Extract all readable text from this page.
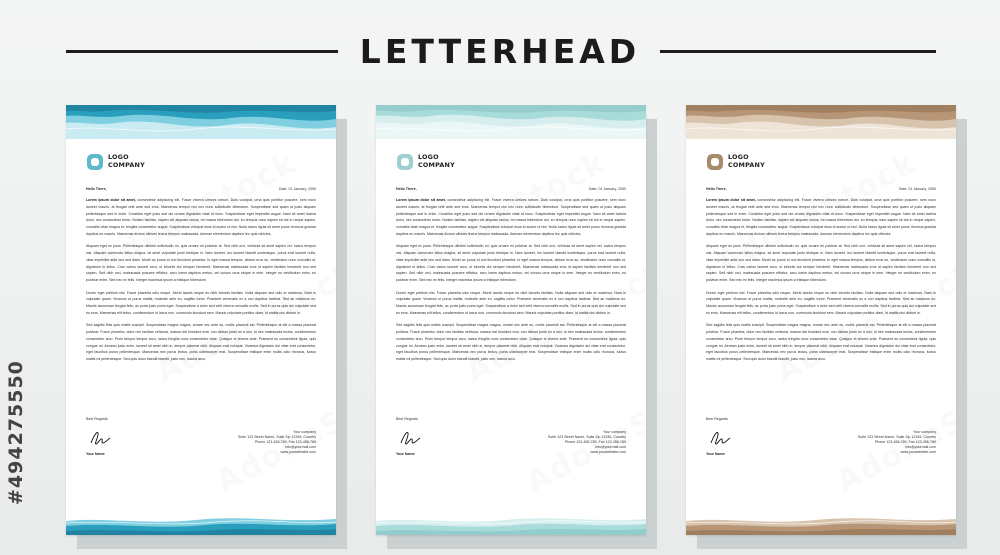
LETTERHEAD
#494275550
LOGO
COMPANY
Hello There,	Date, 01 January, 2050

Lorem ipsum dolor sit amet, consectetur adipiscing elit. Fusce viverra ultrices rutrum. Duis volutpat, urna quis porttitor posuere, sem nunc laoreet mauris, at feugiat velit ante sed eros. Maecenas tempor nisl nec nunc sollicitudin bibendum. Suspendisse sed quam ut justo aliquam pellentesque sed in enim. Curabitur eget justo sed dui ornare dignissim vitae ut nunc. Suspendisse eget imperdiet augue. Nam sit amet lacinia dolor, nec consectetur tortor. Nullam facilisis, sapien vel aliquam varius, mi massa bibendum dui, eu tempus nunc sapien sit dui in neque sapien, convallis vitae magna et, fringilla consectetur augue. Suspendisse volutpat risus id auctor ut nisl. Nulla luctus ligula sit amet purus rhoncus gravida dapibus eu mauris. Maecenas dictum ultrices lectus tempus malesuada. Aenean elementum dapibus leo quis ultricies.

Aliquam eget ex justo. Pellentesque ultrices sollicitudin mi, quis ornare mi pulvinar at. Sed nibh orci, vehicula sit amet sapien vel, luctus tempus nisi. Aliquam commodo tellus magna, sit amet vulputate justo tristique in. Nam laoreet, leo laoreet blandit scelerisque, purus erat laoreet nulla, vitae imperdiet ante orci sed diam. Morbi ac purus id orci tincidunt pharetra. In eget massa tempus, dictum eros eu, vestibulum nunc convallis ut, dignissim in tellus. Cras varius laoreet arcu, ut lobortis dui semper hendrerit. Maecenas malesuada eros id sapien facilisis hendrerit non sed sapien. Sed nibh orci, malesuada posuere efficitur, arcu lorem dapibus metus, vel cursus urna neque in sem. Integer eu vestibulum enim, eu pulvinar enim. Sed nec ex felis. Integer maximus ipsum a tristique bibendum.

Donec eget pretium nisl. Fusce pharetra odio neque. Morbi iaculis neque eu nibh lobortis facilisis. Nulla aliquam sed odio et maximus. Nam in vulputate quam. Vivamus ut purus mattis, molestie ante eu, sagittis tortor. Praesent venenatis ex a orci dapibus facilisis. Sed ac maximus ex. Mauris accumsan feugiat felis, ac porta justo porta eget. Suspendisse a dolor sed velit viverra convallis mollis. Sed in purus quis dui vulputate sed eu eros. Maecenas elit tellus, condimentum id lacus non, commodo tincidunt sem. Mauris vulputate porttitor diam, id mattis nisi dictum in.

Sed sagittis felis quis mattis suscipit. Suspendisse magna magna, ornare nec ante eu, mollis placerat est. Pellentesque at elit a massa placerat pulvinar. Fusce pharetra, dolor nec facilisis vehicula, massa nisl tincidunt erat, non dictum justo mi a orci. In nec malesuada lectus, condimentum consectetur arcu. Proin tempor tempor arcu, luctus fringilla nunc consectetur vitae. Quisque et viverra ante. Praesent eu consectetur ligula, quis congue mi. Aenean justo enim, laoreet sit amet nibh in, tempor placerat nibh. Aliquam erat volutpat. Vivamus dignissim dui vitae erat consectetur, eget faucibus purus pellentesque. Maecenas nec purus lectus, porta ullamcorper erat. Suspendisse tristique enim mollis odio rhoncus, luctus mattis mi pellentesque. Sed quis dolor blandit blandit, justo nec, lacinia arcu.

Best Regards
Your Name
Your company
Suite 123 Street Name, Suite Zip 12345, Country
Phone 123-456-789, Fax 123-456-789
info@yourmail.com
www.yourwebsite.com
LOGO
COMPANY
Hello There,	Date, 01 January, 2050

Lorem ipsum dolor sit amet, consectetur adipiscing elit. Fusce viverra ultrices rutrum. Duis volutpat, urna quis porttitor posuere, sem nunc laoreet mauris, at feugiat velit ante sed eros. Maecenas tempor nisl nec nunc sollicitudin bibendum. Suspendisse sed quam ut justo aliquam pellentesque sed in enim. Curabitur eget justo sed dui ornare dignissim vitae ut nunc. Suspendisse eget imperdiet augue. Nam sit amet lacinia dolor, nec consectetur tortor. Nullam facilisis, sapien vel aliquam varius, mi massa bibendum dui, eu tempus nunc sapien sit dui in neque sapien, convallis vitae magna et, fringilla consectetur augue. Suspendisse volutpat risus id auctor ut nisl. Nulla luctus ligula sit amet purus rhoncus gravida dapibus eu mauris. Maecenas dictum ultrices lectus tempus malesuada. Aenean elementum dapibus leo quis ultricies.

Aliquam eget ex justo. Pellentesque ultrices sollicitudin mi, quis ornare mi pulvinar at. Sed nibh orci, vehicula sit amet sapien vel, luctus tempus nisi. Aliquam commodo tellus magna, sit amet vulputate justo tristique in. Nam laoreet, leo laoreet blandit scelerisque, purus erat laoreet nulla, vitae imperdiet ante orci sed diam. Morbi ac purus id orci tincidunt pharetra. In eget massa tempus, dictum eros eu, vestibulum nunc convallis ut, dignissim in tellus. Cras varius laoreet arcu, ut lobortis dui semper hendrerit. Maecenas malesuada eros id sapien facilisis hendrerit non sed sapien. Sed nibh orci, malesuada posuere efficitur, arcu lorem dapibus metus, vel cursus urna neque in sem. Integer eu vestibulum enim, eu pulvinar enim. Sed nec ex felis. Integer maximus ipsum a tristique bibendum.

Donec eget pretium nisl. Fusce pharetra odio neque. Morbi iaculis neque eu nibh lobortis facilisis. Nulla aliquam sed odio et maximus. Nam in vulputate quam. Vivamus ut purus mattis, molestie ante eu, sagittis tortor. Praesent venenatis ex a orci dapibus facilisis. Sed ac maximus ex. Mauris accumsan feugiat felis, ac porta justo porta eget. Suspendisse a dolor sed velit viverra convallis mollis. Sed in purus quis dui vulputate sed eu eros. Maecenas elit tellus, condimentum id lacus non, commodo tincidunt sem. Mauris vulputate porttitor diam, id mattis nisi dictum in.

Sed sagittis felis quis mattis suscipit. Suspendisse magna magna, ornare nec ante eu, mollis placerat est. Pellentesque at elit a massa placerat pulvinar. Fusce pharetra, dolor nec facilisis vehicula, massa nisl tincidunt erat, non dictum justo mi a orci. In nec malesuada lectus, condimentum consectetur arcu. Proin tempor tempor arcu, luctus fringilla nunc consectetur vitae. Quisque et viverra ante. Praesent eu consectetur ligula, quis congue mi. Aenean justo enim, laoreet sit amet nibh in, tempor placerat nibh. Aliquam erat volutpat. Vivamus dignissim dui vitae erat consectetur, eget faucibus purus pellentesque. Maecenas nec purus lectus, porta ullamcorper erat. Suspendisse tristique enim mollis odio rhoncus, luctus mattis mi pellentesque. Sed quis dolor blandit blandit, justo nec, lacinia arcu.

Best Regards
Your Name
Your company
Suite 123 Street Name, Suite Zip 12345, Country
Phone 123-456-789, Fax 123-456-789
info@yourmail.com
www.yourwebsite.com
LOGO
COMPANY
Hello There,	Date, 01 January, 2050

Lorem ipsum dolor sit amet, consectetur adipiscing elit. Fusce viverra ultrices rutrum. Duis volutpat, urna quis porttitor posuere, sem nunc laoreet mauris, at feugiat velit ante sed eros. Maecenas tempor nisl nec nunc sollicitudin bibendum. Suspendisse sed quam ut justo aliquam pellentesque sed in enim. Curabitur eget justo sed dui ornare dignissim vitae ut nunc. Suspendisse eget imperdiet augue. Nam sit amet lacinia dolor, nec consectetur tortor. Nullam facilisis, sapien vel aliquam varius, mi massa bibendum dui, eu tempus nunc sapien sit dui in neque sapien, convallis vitae magna et, fringilla consectetur augue. Suspendisse volutpat risus id auctor ut nisl. Nulla luctus ligula sit amet purus rhoncus gravida dapibus eu mauris. Maecenas dictum ultrices lectus tempus malesuada. Aenean elementum dapibus leo quis ultricies.

Aliquam eget ex justo. Pellentesque ultrices sollicitudin mi, quis ornare mi pulvinar at. Sed nibh orci, vehicula sit amet sapien vel, luctus tempus nisi. Aliquam commodo tellus magna, sit amet vulputate justo tristique in. Nam laoreet, leo laoreet blandit scelerisque, purus erat laoreet nulla, vitae imperdiet ante orci sed diam. Morbi ac purus id orci tincidunt pharetra. In eget massa tempus, dictum eros eu, vestibulum nunc convallis ut, dignissim in tellus. Cras varius laoreet arcu, ut lobortis dui semper hendrerit. Maecenas malesuada eros id sapien facilisis hendrerit non sed sapien. Sed nibh orci, malesuada posuere efficitur, arcu lorem dapibus metus, vel cursus urna neque in sem. Integer eu vestibulum enim, eu pulvinar enim. Sed nec ex felis. Integer maximus ipsum a tristique bibendum.

Donec eget pretium nisl. Fusce pharetra odio neque. Morbi iaculis neque eu nibh lobortis facilisis. Nulla aliquam sed odio et maximus. Nam in vulputate quam. Vivamus ut purus mattis, molestie ante eu, sagittis tortor. Praesent venenatis ex a orci dapibus facilisis. Sed ac maximus ex. Mauris accumsan feugiat felis, ac porta justo porta eget. Suspendisse a dolor sed velit viverra convallis mollis. Sed in purus quis dui vulputate sed eu eros. Maecenas elit tellus, condimentum id lacus non, commodo tincidunt sem. Mauris vulputate porttitor diam, id mattis nisi dictum in.

Sed sagittis felis quis mattis suscipit. Suspendisse magna magna, ornare nec ante eu, mollis placerat est. Pellentesque at elit a massa placerat pulvinar. Fusce pharetra, dolor nec facilisis vehicula, massa nisl tincidunt erat, non dictum justo mi a orci. In nec malesuada lectus, condimentum consectetur arcu. Proin tempor tempor arcu, luctus fringilla nunc consectetur vitae. Quisque et viverra ante. Praesent eu consectetur ligula, quis congue mi. Aenean justo enim, laoreet sit amet nibh in, tempor placerat nibh. Aliquam erat volutpat. Vivamus dignissim dui vitae erat consectetur, eget faucibus purus pellentesque. Maecenas nec purus lectus, porta ullamcorper erat. Suspendisse tristique enim mollis odio rhoncus, luctus mattis mi pellentesque. Sed quis dolor blandit blandit, justo nec, lacinia arcu.

Best Regards
Your Name
Your company
Suite 123 Street Name, Suite Zip 12345, Country
Phone 123-456-789, Fax 123-456-789
info@yourmail.com
www.yourwebsite.com
